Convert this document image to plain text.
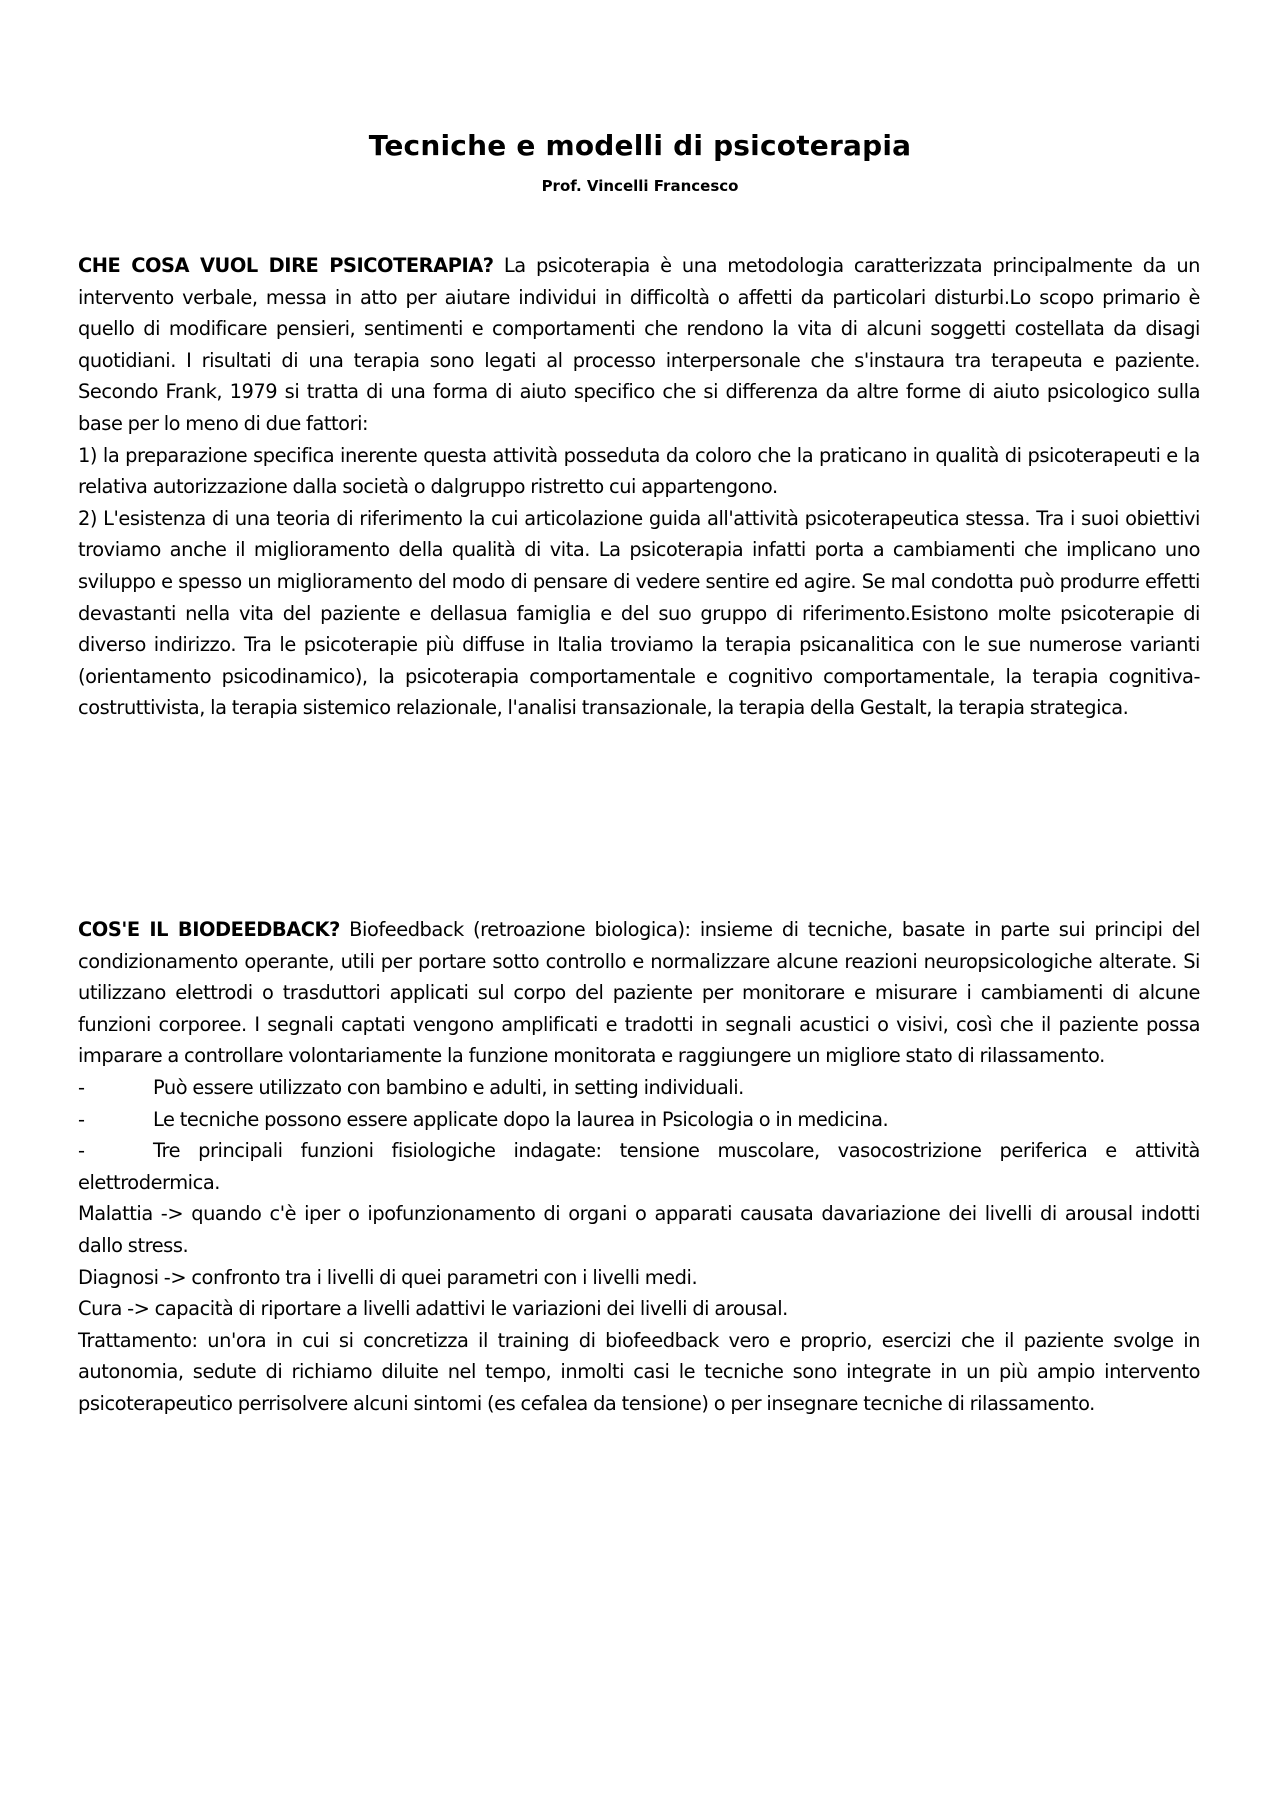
Tecniche e modelli di psicoterapia
Prof. Vincelli Francesco

CHE COSA VUOL DIRE PSICOTERAPIA? La psicoterapia è una metodologia caratterizzata principalmente da un intervento verbale, messa in atto per aiutare individui in difficoltà o affetti da particolari disturbi.Lo scopo primario è quello di modificare pensieri, sentimenti e comportamenti che rendono la vita di alcuni soggetti costellata da disagi quotidiani. I risultati di una terapia sono legati al processo interpersonale che s'instaura tra terapeuta e paziente. Secondo Frank, 1979 si tratta di una forma di aiuto specifico che si differenza da altre forme di aiuto psicologico sulla base per lo meno di due fattori:

1) la preparazione specifica inerente questa attività posseduta da coloro che la praticano in qualità di psicoterapeuti e la relativa autorizzazione dalla società o dalgruppo ristretto cui appartengono.

2) L'esistenza di una teoria di riferimento la cui articolazione guida all'attività psicoterapeutica stessa. Tra i suoi obiettivi troviamo anche il miglioramento della qualità di vita. La psicoterapia infatti porta a cambiamenti che implicano uno sviluppo e spesso un miglioramento del modo di pensare di vedere sentire ed agire. Se mal condotta può produrre effetti devastanti nella vita del paziente e dellasua famiglia e del suo gruppo di riferimento.Esistono molte psicoterapie di diverso indirizzo. Tra le psicoterapie più diffuse in Italia troviamo la terapia psicanalitica con le sue numerose varianti (orientamento psicodinamico), la psicoterapia comportamentale e cognitivo comportamentale, la terapia cognitiva- costruttivista, la terapia sistemico relazionale, l'analisi transazionale, la terapia della Gestalt, la terapia strategica.

COS'E IL BIODEEDBACK? Biofeedback (retroazione biologica): insieme di tecniche, basate in parte sui principi del condizionamento operante, utili per portare sotto controllo e normalizzare alcune reazioni neuropsicologiche alterate. Si utilizzano elettrodi o trasduttori applicati sul corpo del paziente per monitorare e misurare i cambiamenti di alcune funzioni corporee. I segnali captati vengono amplificati e tradotti in segnali acustici o visivi, così che il paziente possa imparare a controllare volontariamente la funzione monitorata e raggiungere un migliore stato di rilassamento.

-	Può essere utilizzato con bambino e adulti, in setting individuali.

-	Le tecniche possono essere applicate dopo la laurea in Psicologia o in medicina.

-	Tre principali funzioni fisiologiche indagate: tensione muscolare, vasocostrizione periferica e attività elettrodermica.

Malattia -> quando c'è iper o ipofunzionamento di organi o apparati causata davariazione dei livelli di arousal indotti dallo stress.

Diagnosi -> confronto tra i livelli di quei parametri con i livelli medi.

Cura -> capacità di riportare a livelli adattivi le variazioni dei livelli di arousal.

Trattamento: un'ora in cui si concretizza il training di biofeedback vero e proprio, esercizi che il paziente svolge in autonomia, sedute di richiamo diluite nel tempo, inmolti casi le tecniche sono integrate in un più ampio intervento psicoterapeutico perrisolvere alcuni sintomi (es cefalea da tensione) o per insegnare tecniche di rilassamento.
